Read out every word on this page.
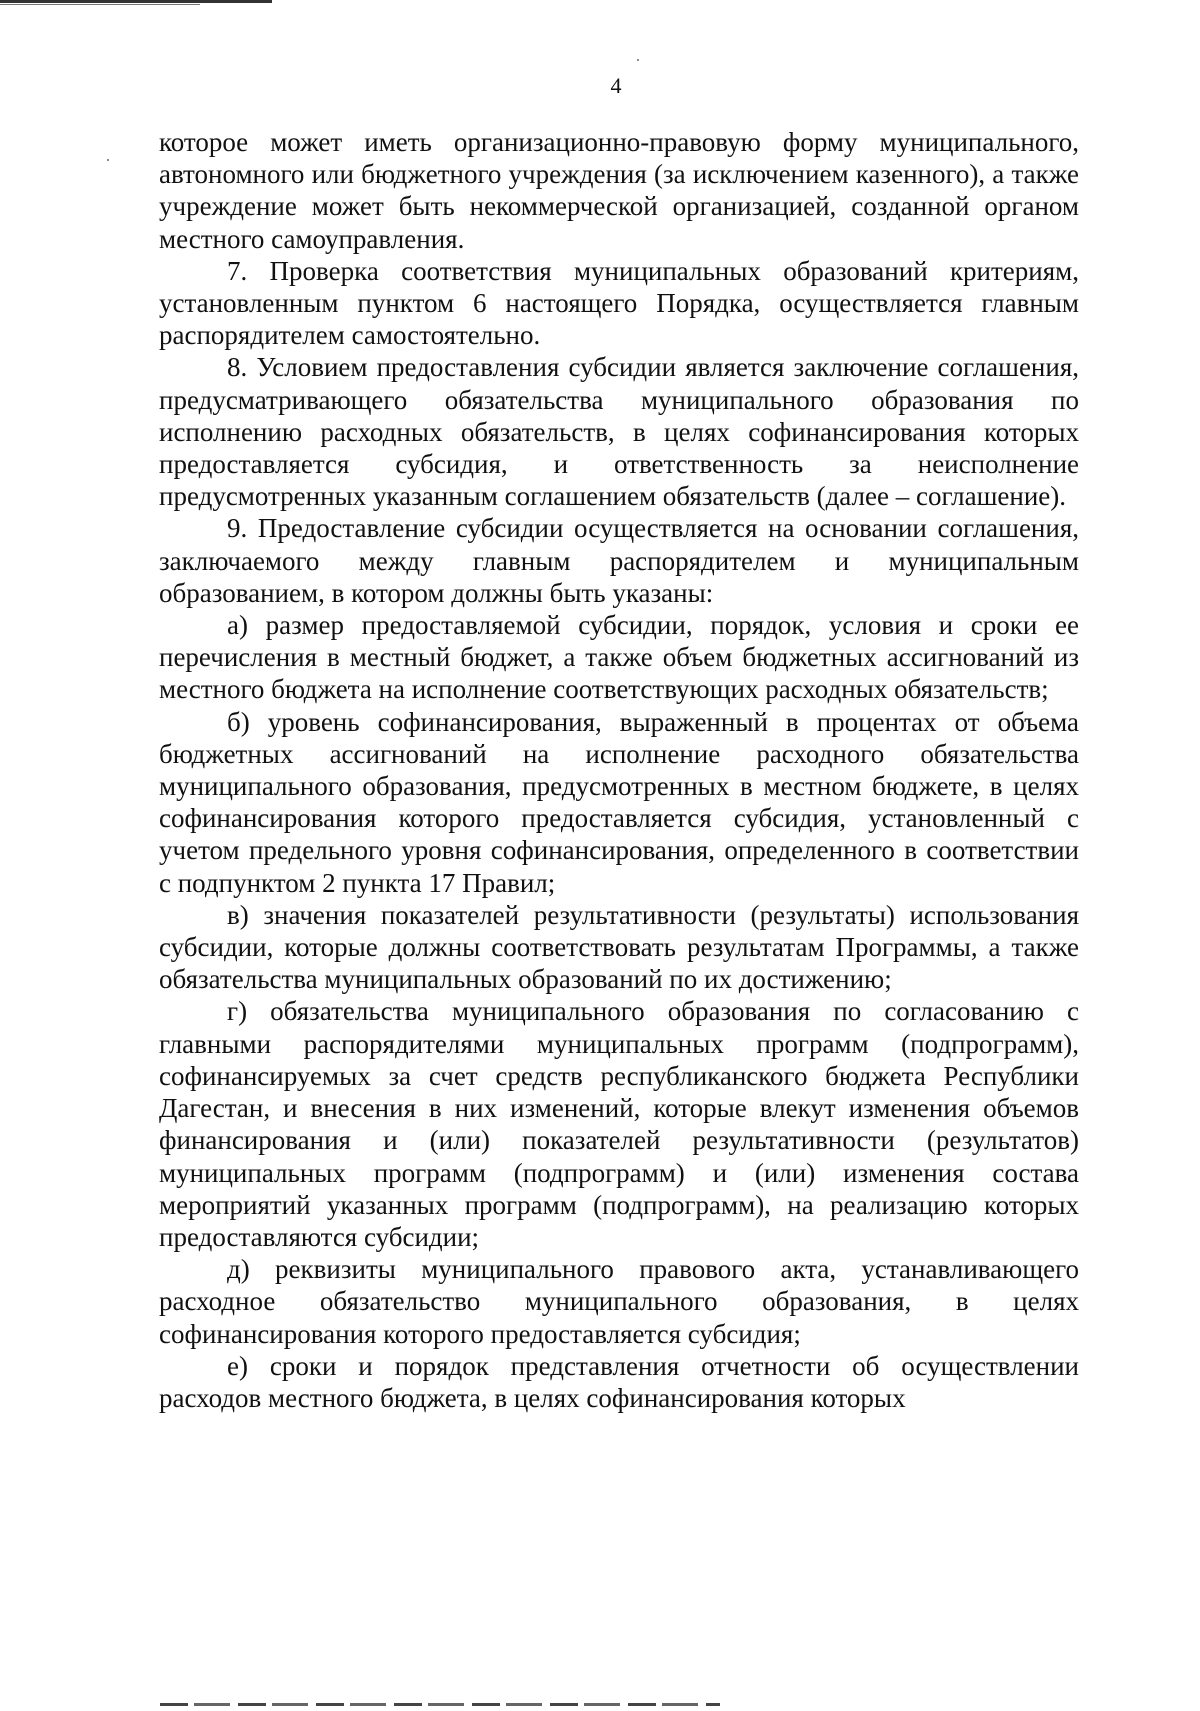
4

которое может иметь организационно-правовую форму муниципального, автономного или бюджетного учреждения (за исключением казенного), а также учреждение может быть некоммерческой организацией, созданной органом местного самоуправления.

7. Проверка соответствия муниципальных образований критериям, установленным пунктом 6 настоящего Порядка, осуществляется главным распорядителем самостоятельно.

8. Условием предоставления субсидии является заключение соглашения, предусматривающего обязательства муниципального образования по исполнению расходных обязательств, в целях софинансирования которых предоставляется субсидия, и ответственность за неисполнение предусмотренных указанным соглашением обязательств (далее – соглашение).

9. Предоставление субсидии осуществляется на основании соглашения, заключаемого между главным распорядителем и муниципальным образованием, в котором должны быть указаны:

а) размер предоставляемой субсидии, порядок, условия и сроки ее перечисления в местный бюджет, а также объем бюджетных ассигнований из местного бюджета на исполнение соответствующих расходных обязательств;

б) уровень софинансирования, выраженный в процентах от объема бюджетных ассигнований на исполнение расходного обязательства муниципального образования, предусмотренных в местном бюджете, в целях софинансирования которого предоставляется субсидия, установленный с учетом предельного уровня софинансирования, определенного в соответствии с подпунктом 2 пункта 17 Правил;

в) значения показателей результативности (результаты) использования субсидии, которые должны соответствовать результатам Программы, а также обязательства муниципальных образований по их достижению;

г) обязательства муниципального образования по согласованию с главными распорядителями муниципальных программ (подпрограмм), софинансируемых за счет средств республиканского бюджета Республики Дагестан, и внесения в них изменений, которые влекут изменения объемов финансирования и (или) показателей результативности (результатов) муниципальных программ (подпрограмм) и (или) изменения состава мероприятий указанных программ (подпрограмм), на реализацию которых предоставляются субсидии;

д) реквизиты муниципального правового акта, устанавливающего расходное обязательство муниципального образования, в целях софинансирования которого предоставляется субсидия;

е) сроки и порядок представления отчетности об осуществлении расходов местного бюджета, в целях софинансирования которых
